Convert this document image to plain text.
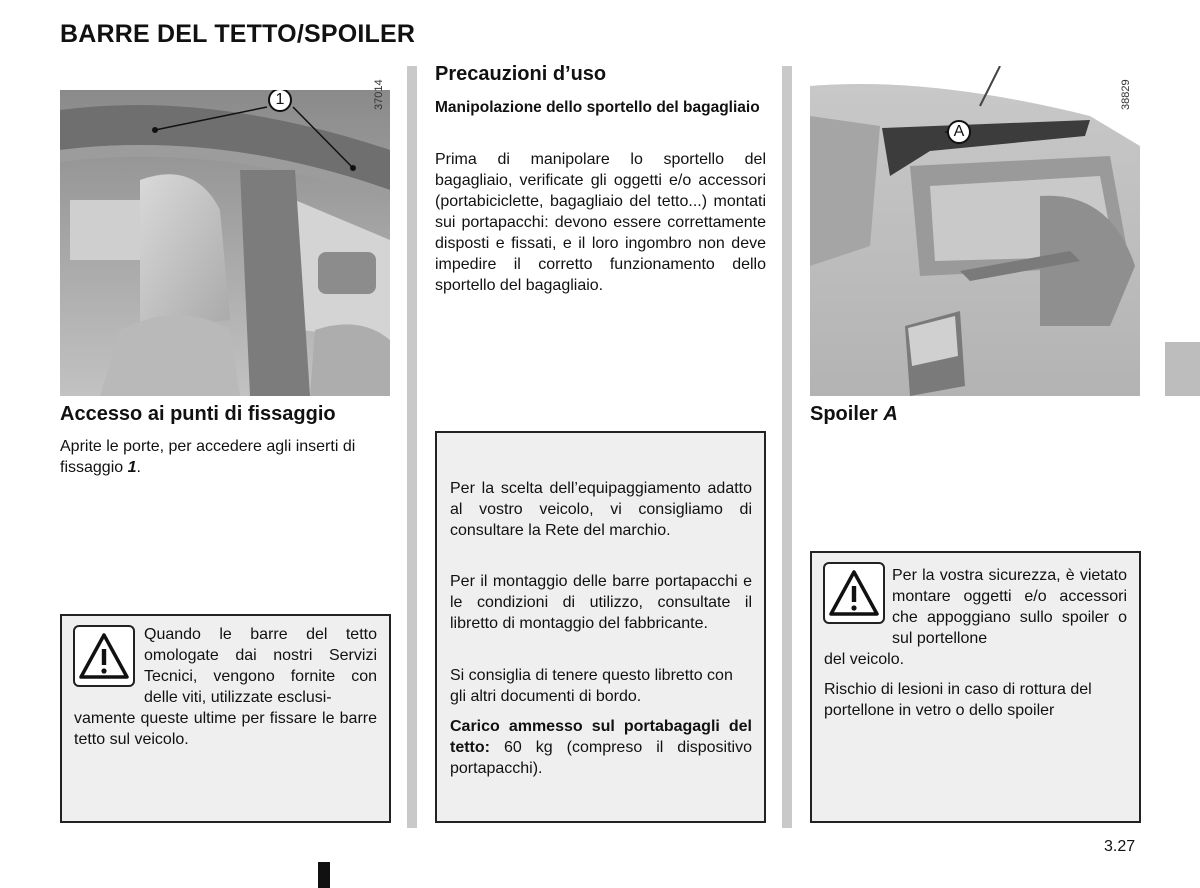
BARRE DEL TETTO/SPOILER
1	37014
Accesso ai punti di fissaggio
Aprite le porte, per accedere agli inserti di fissaggio 1.
Quando le barre del tetto omologate dai nostri Servizi Tecnici, vengono fornite con delle viti, utilizzate esclusi-
vamente queste ultime per fissare le barre tetto sul veicolo.
Precauzioni d’uso
Manipolazione dello sportello del bagagliaio
Prima di manipolare lo sportello del bagagliaio, verificate gli oggetti e/o accessori (portabiciclette, bagagliaio del tetto...) montati sui portapacchi: devono essere correttamente disposti e fissati, e il loro ingombro non deve impedire il corretto funzionamento dello sportello del bagagliaio.
Per la scelta dell’equipaggiamento adatto al vostro veicolo, vi consigliamo di consultare la Rete del marchio.
Per il montaggio delle barre portapacchi e le condizioni di utilizzo, consultate il libretto di montaggio del fabbricante.
Si consiglia di tenere questo libretto con gli altri documenti di bordo.
Carico ammesso sul portabagagli del tetto: 60 kg (compreso il dispositivo portapacchi).
A
38829
Spoiler A
Per la vostra sicurezza, è vietato montare oggetti e/o accessori che appoggiano sullo spoiler o sul portellone
del veicolo.
Rischio di lesioni in caso di rottura del portellone in vetro o dello spoiler
3.27
